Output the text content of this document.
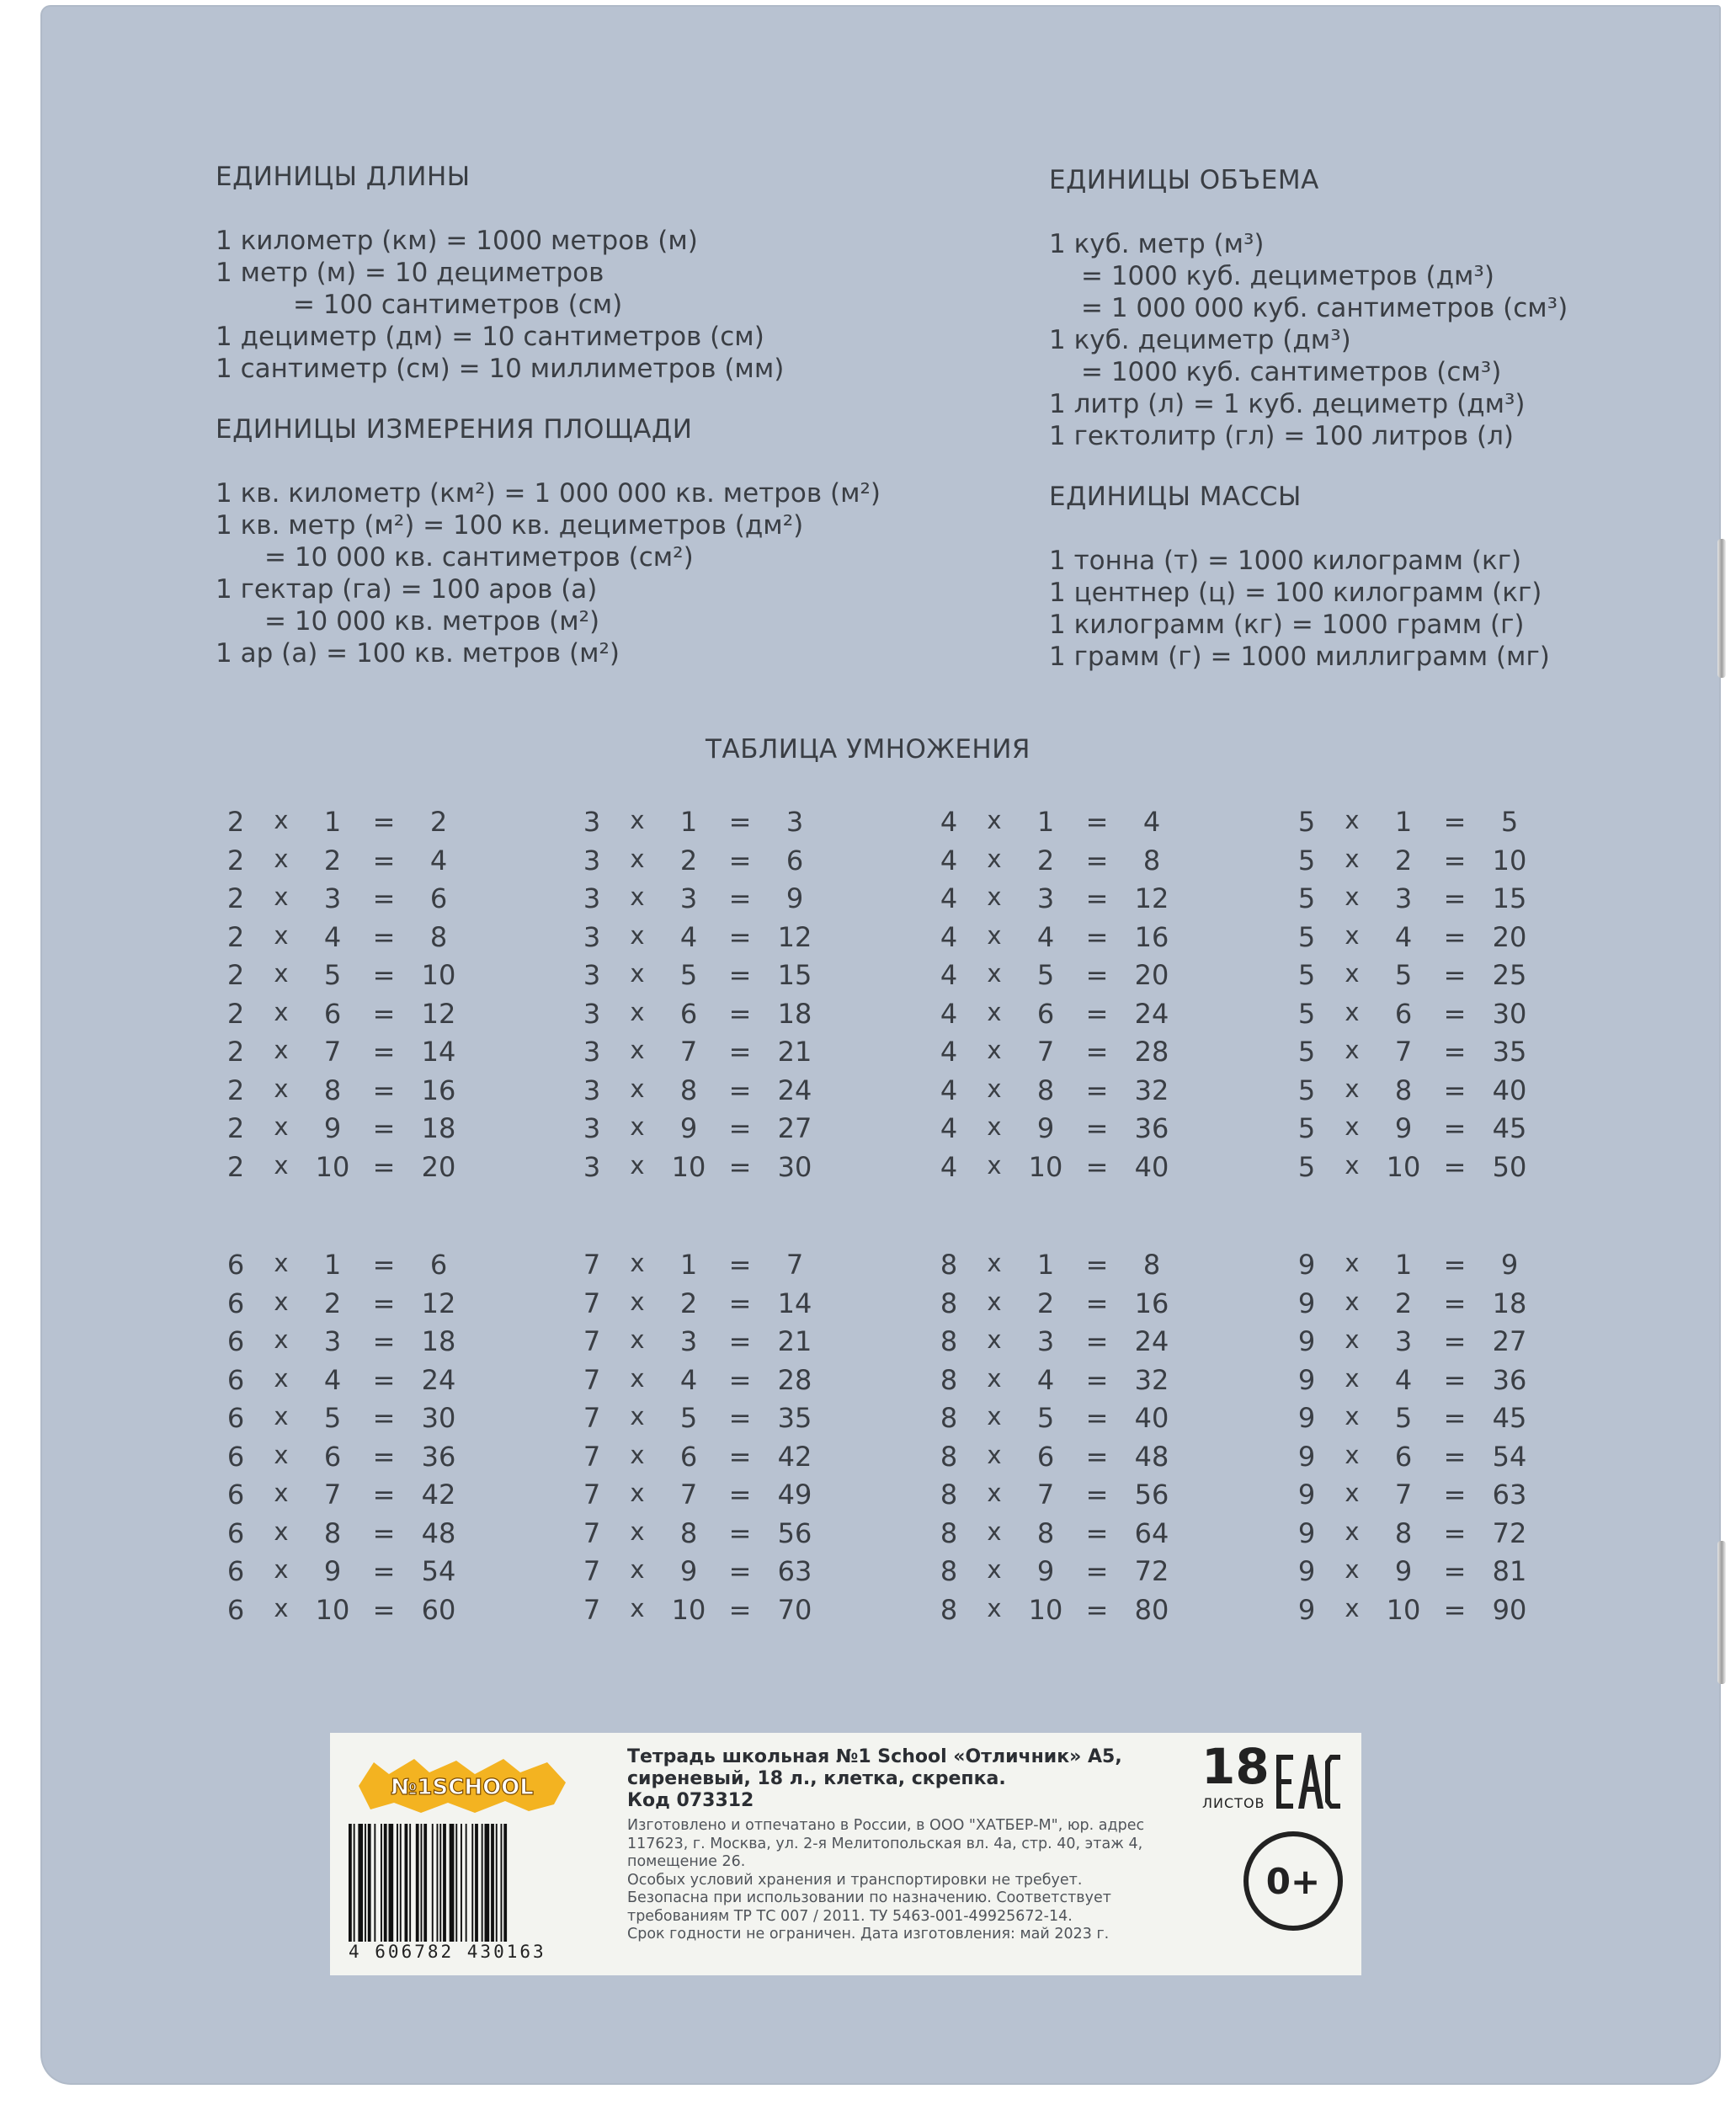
ЕДИНИЦЫ ДЛИНЫ
1 километр (км) = 1000 метров (м)
1 метр (м) = 10 дециметров
= 100 сантиметров (см)
1 дециметр (дм) = 10 сантиметров (см)
1 сантиметр (см) = 10 миллиметров (мм)
ЕДИНИЦЫ ИЗМЕРЕНИЯ ПЛОЩАДИ
1 кв. километр (км²) = 1 000 000 кв. метров (м²)
1 кв. метр (м²) = 100 кв. дециметров (дм²)
= 10 000 кв. сантиметров (см²)
1 гектар (га) = 100 аров (а)
= 10 000 кв. метров (м²)
1 ар (а) = 100 кв. метров (м²)
ЕДИНИЦЫ ОБЪЕМА
1 куб. метр (м³)
= 1000 куб. дециметров (дм³)
= 1 000 000 куб. сантиметров (см³)
1 куб. дециметр (дм³)
= 1000 куб. сантиметров (см³)
1 литр (л) = 1 куб. дециметр (дм³)
1 гектолитр (гл) = 100 литров (л)
ЕДИНИЦЫ МАССЫ
1 тонна (т) = 1000 килограмм (кг)
1 центнер (ц) = 100 килограмм (кг)
1 килограмм (кг) = 1000 грамм (г)
1 грамм (г) = 1000 миллиграмм (мг)
ТАБЛИЦА УМНОЖЕНИЯ
2 x	1	=	2
2 x	2	=	4
2 x	3	=	6
2 x	4	=	8
2 x	5	= 10
2 x	6	= 12
2 x	7	= 14
2 x	8	= 16
2 x	9	= 18
2 x	10 = 20
3 x	1	=	3
3 x	2	=	6
3 x	3	=	9
3 x	4	= 12
3 x	5	= 15
3 x	6	= 18
3 x	7	= 21
3 x	8	= 24
3 x	9	= 27
3 x	10 = 30
4 x	1	=	4
4 x	2	=	8
4 x	3	= 12
4 x	4	= 16
4 x	5	= 20
4 x	6	= 24
4 x	7	= 28
4 x	8	= 32
4 x	9	= 36
4 x	10 = 40
5 x	1	=	5
5 x	2	= 10
5 x	3	= 15
5 x	4	= 20
5 x	5	= 25
5 x	6	= 30
5 x	7	= 35
5 x	8	= 40
5 x	9	= 45
5 x	10 = 50
6 x	1	=	6
6 x	2	= 12
6 x	3	= 18
6 x	4	= 24
6 x	5	= 30
6 x	6	= 36
6 x	7	= 42
6 x	8	= 48
6 x	9	= 54
6 x	10 = 60
7 x	1	=	7
7 x	2	= 14
7 x	3	= 21
7 x	4	= 28
7 x	5	= 35
7 x	6	= 42
7 x	7	= 49
7 x	8	= 56
7 x	9	= 63
7 x	10 = 70
8 x	1	=	8
8 x	2	= 16
8 x	3	= 24
8 x	4	= 32
8 x	5	= 40
8 x	6	= 48
8 x	7	= 56
8 x	8	= 64
8 x	9	= 72
8 x	10 = 80
9 x	1	=	9
9 x	2	= 18
9 x	3	= 27
9 x	4	= 36
9 x	5	= 45
9 x	6	= 54
9 x	7	= 63
9 x	8	= 72
9 x	9	= 81
9 x	10 = 90
№1SCHOOL
4 606782 430163
Тетрадь школьная №1 School «Отличник» А5,
сиреневый, 18 л., клетка, скрепка.
Код 073312
Изготовлено и отпечатано в России, в ООО "ХАТБЕР-М", юр. адрес
117623, г. Москва, ул. 2-я Мелитопольская вл. 4а, стр. 40, этаж 4,
помещение 26.
Особых условий хранения и транспортировки не требует.
Безопасна при использовании по назначению. Соответствует
требованиям ТР ТС 007 / 2011. ТУ 5463-001-49925672-14.
Срок годности не ограничен. Дата изготовления: май 2023 г.
18
ЛИСТОВ
0+
